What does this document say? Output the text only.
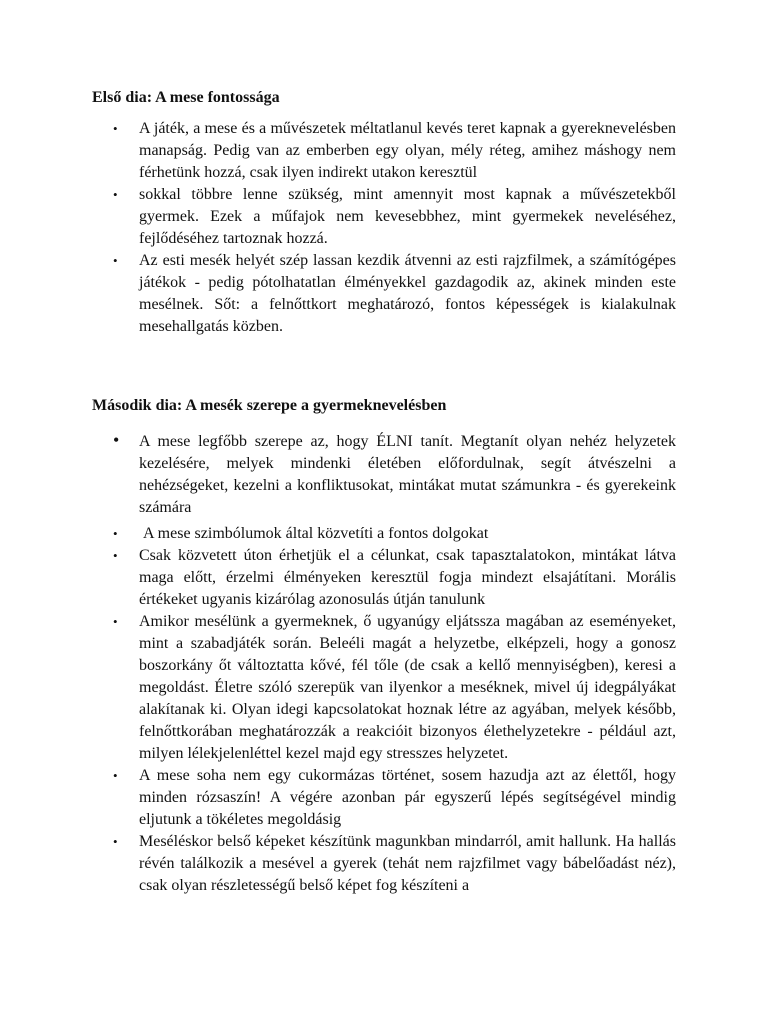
Első dia: A mese fontossága
• A játék, a mese és a művészetek méltatlanul kevés teret kapnak a gyereknevelésben manapság. Pedig van az emberben egy olyan, mély réteg, amihez máshogy nem férhetünk hozzá, csak ilyen indirekt utakon keresztül
• sokkal többre lenne szükség, mint amennyit most kapnak a művészetekből gyermek. Ezek a műfajok nem kevesebbhez, mint gyermekek neveléséhez, fejlődéséhez tartoznak hozzá.
• Az esti mesék helyét szép lassan kezdik átvenni az esti rajzfilmek, a számítógépes játékok - pedig pótolhatatlan élményekkel gazdagodik az, akinek minden este mesélnek. Sőt: a felnőttkort meghatározó, fontos képességek is kialakulnak mesehallgatás közben.
Második dia: A mesék szerepe a gyermeknevelésben
• A mese legfőbb szerepe az, hogy ÉLNI tanít. Megtanít olyan nehéz helyzetek kezelésére, melyek mindenki életében előfordulnak, segít átvészelni a nehézségeket, kezelni a konfliktusokat, mintákat mutat számunkra - és gyerekeink számára
• A mese szimbólumok által közvetíti a fontos dolgokat
• Csak közvetett úton érhetjük el a célunkat, csak tapasztalatokon, mintákat látva maga előtt, érzelmi élményeken keresztül fogja mindezt elsajátítani. Morális értékeket ugyanis kizárólag azonosulás útján tanulunk
• Amikor mesélünk a gyermeknek, ő ugyanúgy eljátssza magában az eseményeket, mint a szabadjáték során. Beleéli magát a helyzetbe, elképzeli, hogy a gonosz boszorkány őt változtatta kővé, fél tőle (de csak a kellő mennyiségben), keresi a megoldást. Életre szóló szerepük van ilyenkor a meséknek, mivel új idegpályákat alakítanak ki. Olyan idegi kapcsolatokat hoznak létre az agyában, melyek később, felnőttkorában meghatározzák a reakcióit bizonyos élethelyzetekre - például azt, milyen lélekjelenléttel kezel majd egy stresszes helyzetet.
• A mese soha nem egy cukormázas történet, sosem hazudja azt az élettől, hogy minden rózsaszín! A végére azonban pár egyszerű lépés segítségével mindig eljutunk a tökéletes megoldásig
• Meséléskor belső képeket készítünk magunkban mindarról, amit hallunk. Ha hallás révén találkozik a mesével a gyerek (tehát nem rajzfilmet vagy bábelőadást néz), csak olyan részletességű belső képet fog készíteni a
